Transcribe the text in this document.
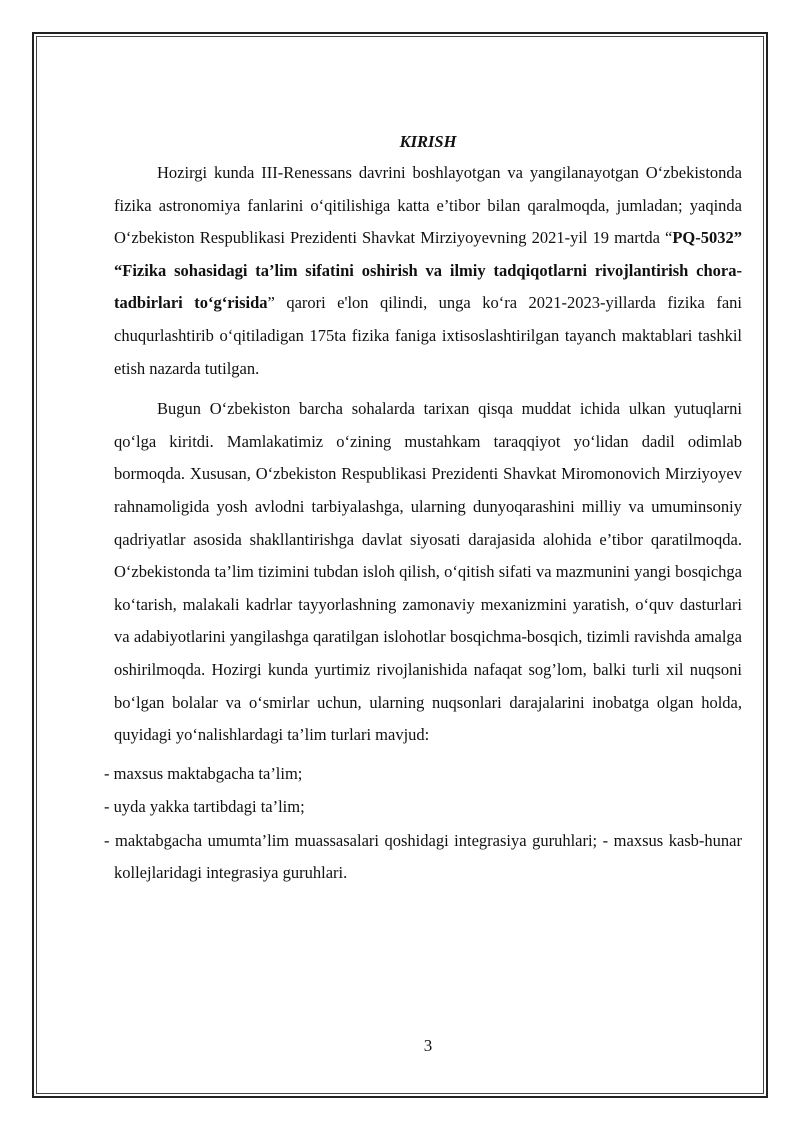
KIRISH

Hozirgi kunda III-Renessans davrini boshlayotgan va yangilanayotgan O‘zbekistonda fizika astronomiya fanlarini o‘qitilishiga katta e’tibor bilan qaralmoqda, jumladan; yaqinda O‘zbekiston Respublikasi Prezidenti Shavkat Mirziyoyevning 2021-yil 19 martda “PQ-5032” “Fizika sohasidagi ta’lim sifatini oshirish va ilmiy tadqiqotlarni rivojlantirish chora-tadbirlari to‘g‘risida” qarori e'lon qilindi, unga ko‘ra 2021-2023-yillarda fizika fani chuqurlashtirib o‘qitiladigan 175ta fizika faniga ixtisoslashtirilgan tayanch maktablari tashkil etish nazarda tutilgan.

Bugun O‘zbekiston barcha sohalarda tarixan qisqa muddat ichida ulkan yutuqlarni qo‘lga kiritdi. Mamlakatimiz o‘zining mustahkam taraqqiyot yo‘lidan dadil odimlab bormoqda. Xususan, O‘zbekiston Respublikasi Prezidenti Shavkat Miromonovich Mirziyoyev rahnamoligida yosh avlodni tarbiyalashga, ularning dunyoqarashini milliy va umuminsoniy qadriyatlar asosida shakllantirishga davlat siyosati darajasida alohida e’tibor qaratilmoqda. O‘zbekistonda ta’lim tizimini tubdan isloh qilish, o‘qitish sifati va mazmunini yangi bosqichga ko‘tarish, malakali kadrlar tayyorlashning zamonaviy mexanizmini yaratish, o‘quv dasturlari va adabiyotlarini yangilashga qaratilgan islohotlar bosqichma-bosqich, tizimli ravishda amalga oshirilmoqda. Hozirgi kunda yurtimiz rivojlanishida nafaqat sog’lom, balki turli xil nuqsoni bo‘lgan bolalar va o‘smirlar uchun, ularning nuqsonlari darajalarini inobatga olgan holda, quyidagi yo‘nalishlardagi ta’lim turlari mavjud:

- maxsus maktabgacha ta’lim;
- uyda yakka tartibdagi ta’lim;
- maktabgacha umumta’lim muassasalari qoshidagi integrasiya guruhlari; - maxsus kasb-hunar kollejlaridagi integrasiya guruhlari.
3
